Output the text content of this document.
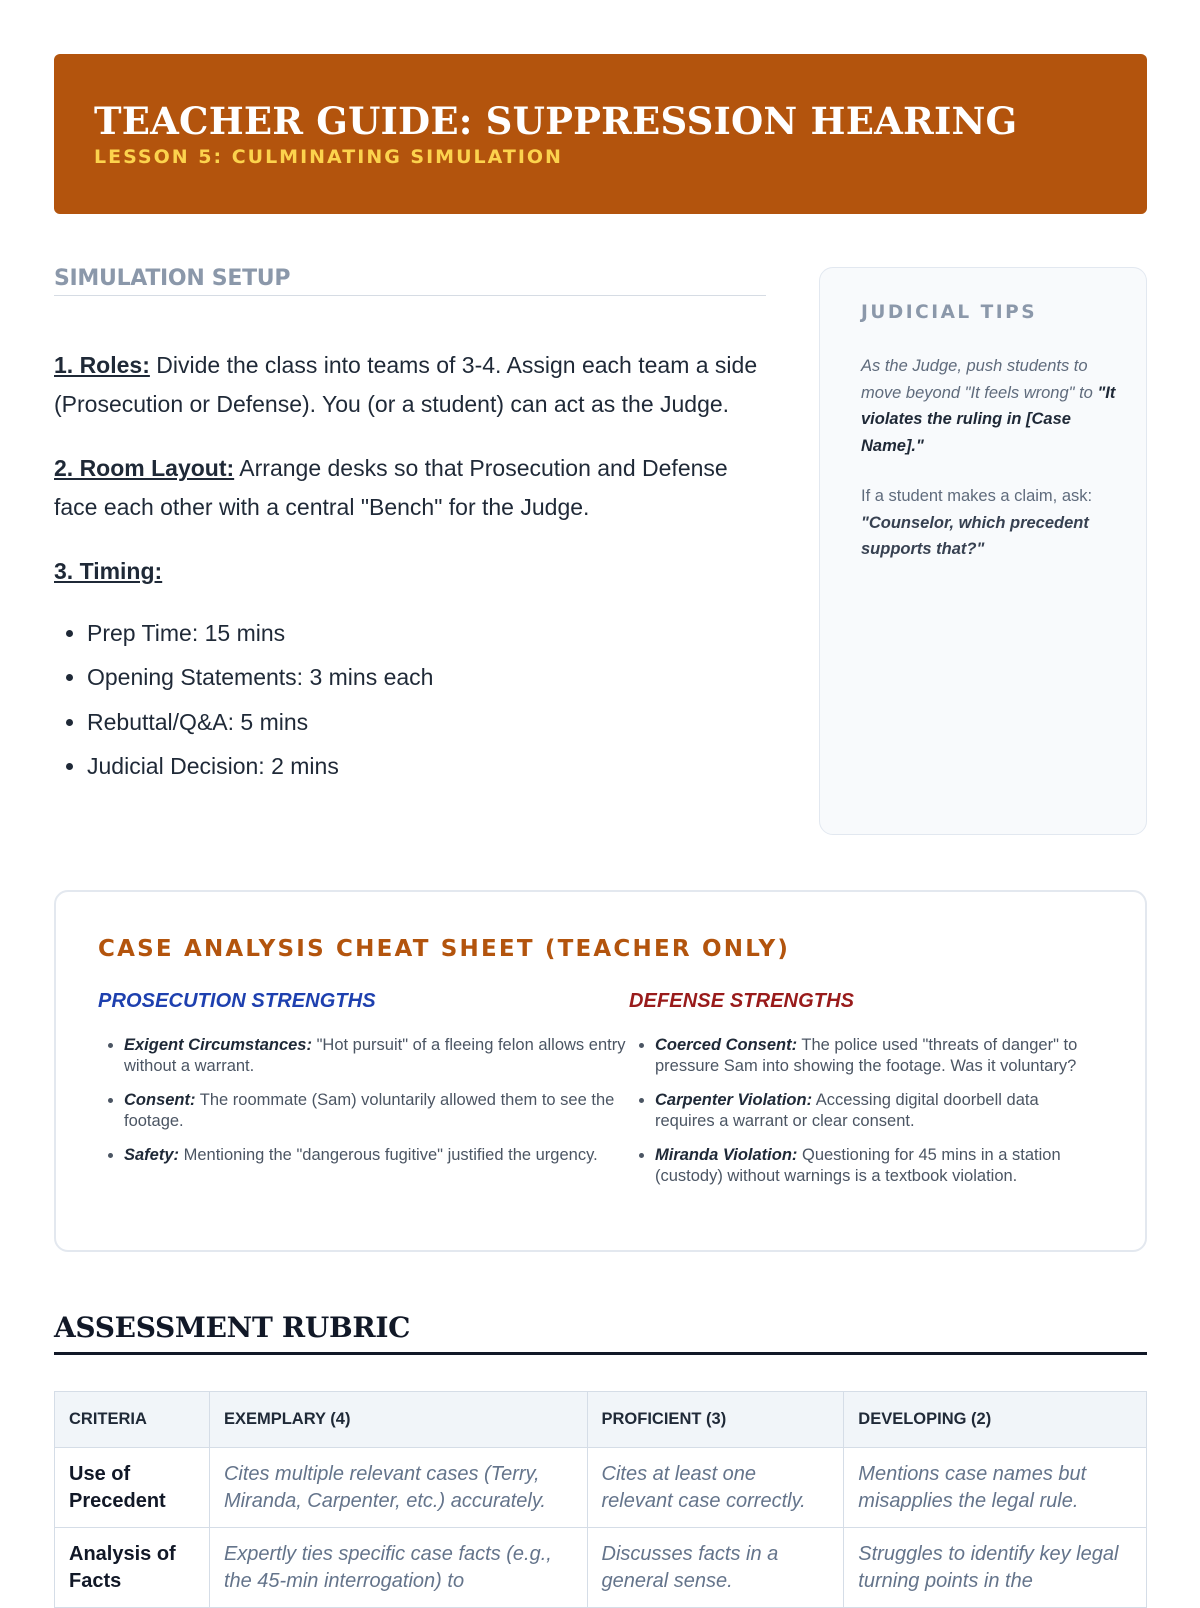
TEACHER GUIDE: SUPPRESSION HEARING
LESSON 5: CULMINATING SIMULATION
SIMULATION SETUP
1. Roles: Divide the class into teams of 3-4. Assign each team a side (Prosecution or Defense). You (or a student) can act as the Judge.
2. Room Layout: Arrange desks so that Prosecution and Defense face each other with a central "Bench" for the Judge.
3. Timing:
• Prep Time: 15 mins
• Opening Statements: 3 mins each
• Rebuttal/Q&A: 5 mins
• Judicial Decision: 2 mins
JUDICIAL TIPS

As the Judge, push students to move beyond "It feels wrong" to "It violates the ruling in [Case Name]."

If a student makes a claim, ask: "Counselor, which precedent supports that?"

CASE ANALYSIS CHEAT SHEET (TEACHER ONLY)
PROSECUTION STRENGTHS
• Exigent Circumstances: "Hot pursuit" of a fleeing felon allows entry without a warrant.
• Consent: The roommate (Sam) voluntarily allowed them to see the footage.
• Safety: Mentioning the "dangerous fugitive" justified the urgency.
DEFENSE STRENGTHS
• Coerced Consent: The police used "threats of danger" to pressure Sam into showing the footage. Was it voluntary?
• Carpenter Violation: Accessing digital doorbell data requires a warrant or clear consent.
• Miranda Violation: Questioning for 45 mins in a station (custody) without warnings is a textbook violation.
ASSESSMENT RUBRIC
CRITERIA	EXEMPLARY (4)	PROFICIENT (3)	DEVELOPING (2)
Use of Precedent	Cites multiple relevant cases (Terry, Miranda, Carpenter, etc.) accurately.	Cites at least one relevant case correctly.	Mentions case names but misapplies the legal rule.
Analysis of Facts	Expertly ties specific case facts (e.g., the 45-min interrogation) to	Discusses facts in a general sense.	Struggles to identify key legal turning points in the
